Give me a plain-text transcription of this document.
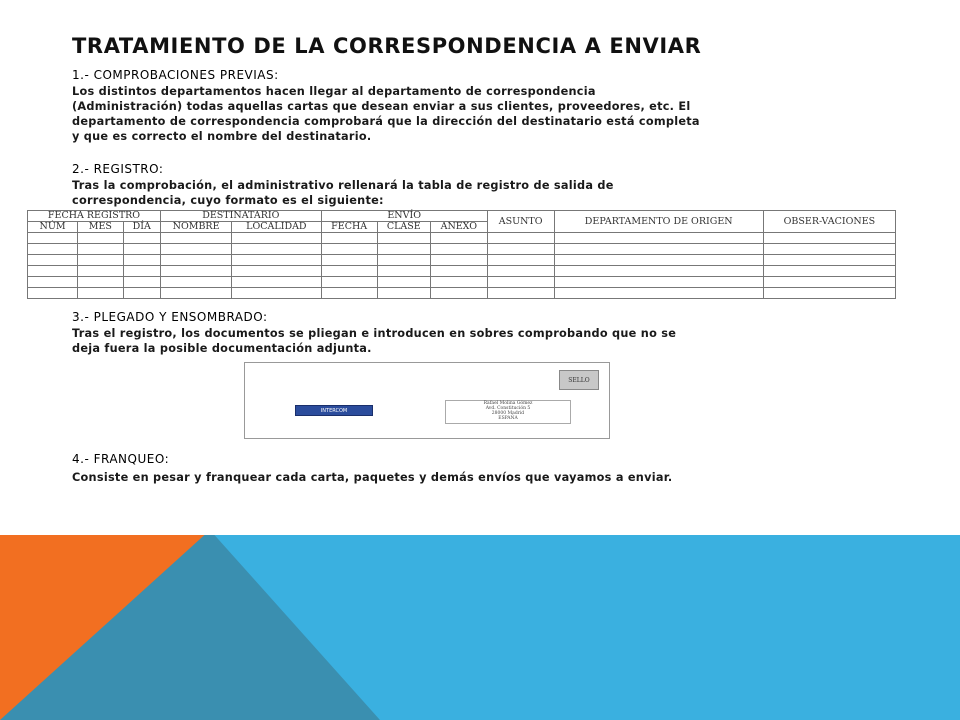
TRATAMIENTO DE LA CORRESPONDENCIA A ENVIAR
1.- COMPROBACIONES PREVIAS:
Los distintos departamentos hacen llegar al departamento de correspondencia
(Administración) todas aquellas cartas que desean enviar a sus clientes, proveedores, etc. El
departamento de correspondencia comprobará que la dirección del destinatario está completa
y que es correcto el nombre del destinatario.
2.- REGISTRO:
Tras la comprobación, el administrativo rellenará la tabla de registro de salida de
correspondencia, cuyo formato es el siguiente:
FECHA REGISTRO			DESTINATARIO		ENVÍO			ASUNTO	DEPARTAMENTO DE ORIGEN	OBSER-VACIONES
NÚM	MES	DÍA	NOMBRE	LOCALIDAD	FECHA	CLASE	ANEXO			

3.- PLEGADO Y ENSOMBRADO:
Tras el registro, los documentos se pliegan e introducen en sobres comprobando que no se
deja fuera la posible documentación adjunta.
SELLO
INTERCOM
Rafael Molina Gómez
Avd. Constitución 5
28000 Madrid
ESPAÑA
4.- FRANQUEO:
Consiste en pesar y franquear cada carta, paquetes y demás envíos que vayamos a enviar.
